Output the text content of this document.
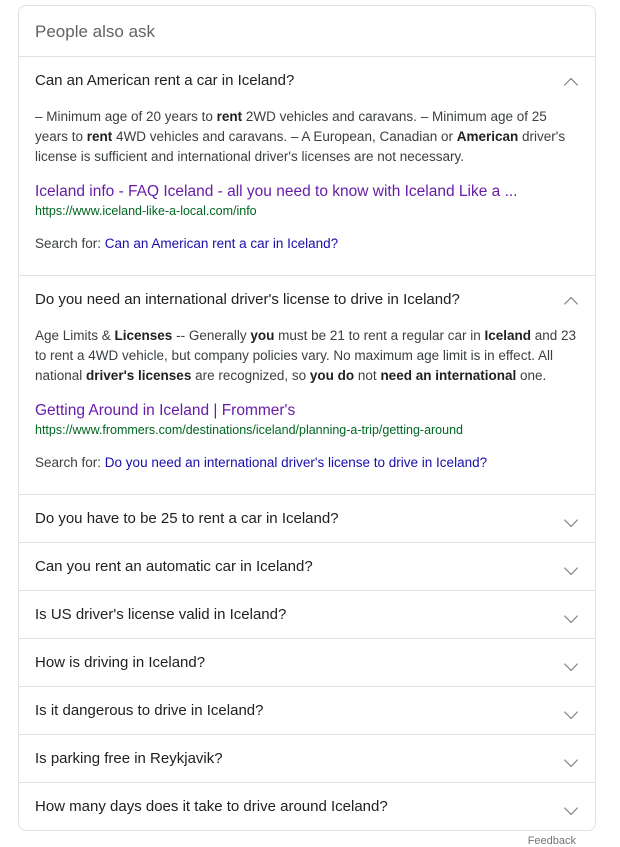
People also ask
Can an American rent a car in Iceland?
– Minimum age of 20 years to rent 2WD vehicles and caravans. – Minimum age of 25 years to rent 4WD vehicles and caravans. – A European, Canadian or American driver's license is sufficient and international driver's licenses are not necessary.
Iceland info - FAQ Iceland - all you need to know with Iceland Like a ...
https://www.iceland-like-a-local.com/info
Search for: Can an American rent a car in Iceland?
Do you need an international driver's license to drive in Iceland?
Age Limits & Licenses -- Generally you must be 21 to rent a regular car in Iceland and 23 to rent a 4WD vehicle, but company policies vary. No maximum age limit is in effect. All national driver's licenses are recognized, so you do not need an international one.
Getting Around in Iceland | Frommer's
https://www.frommers.com/destinations/iceland/planning-a-trip/getting-around
Search for: Do you need an international driver's license to drive in Iceland?
Do you have to be 25 to rent a car in Iceland?
Can you rent an automatic car in Iceland?
Is US driver's license valid in Iceland?
How is driving in Iceland?
Is it dangerous to drive in Iceland?
Is parking free in Reykjavik?
How many days does it take to drive around Iceland?
Feedback
